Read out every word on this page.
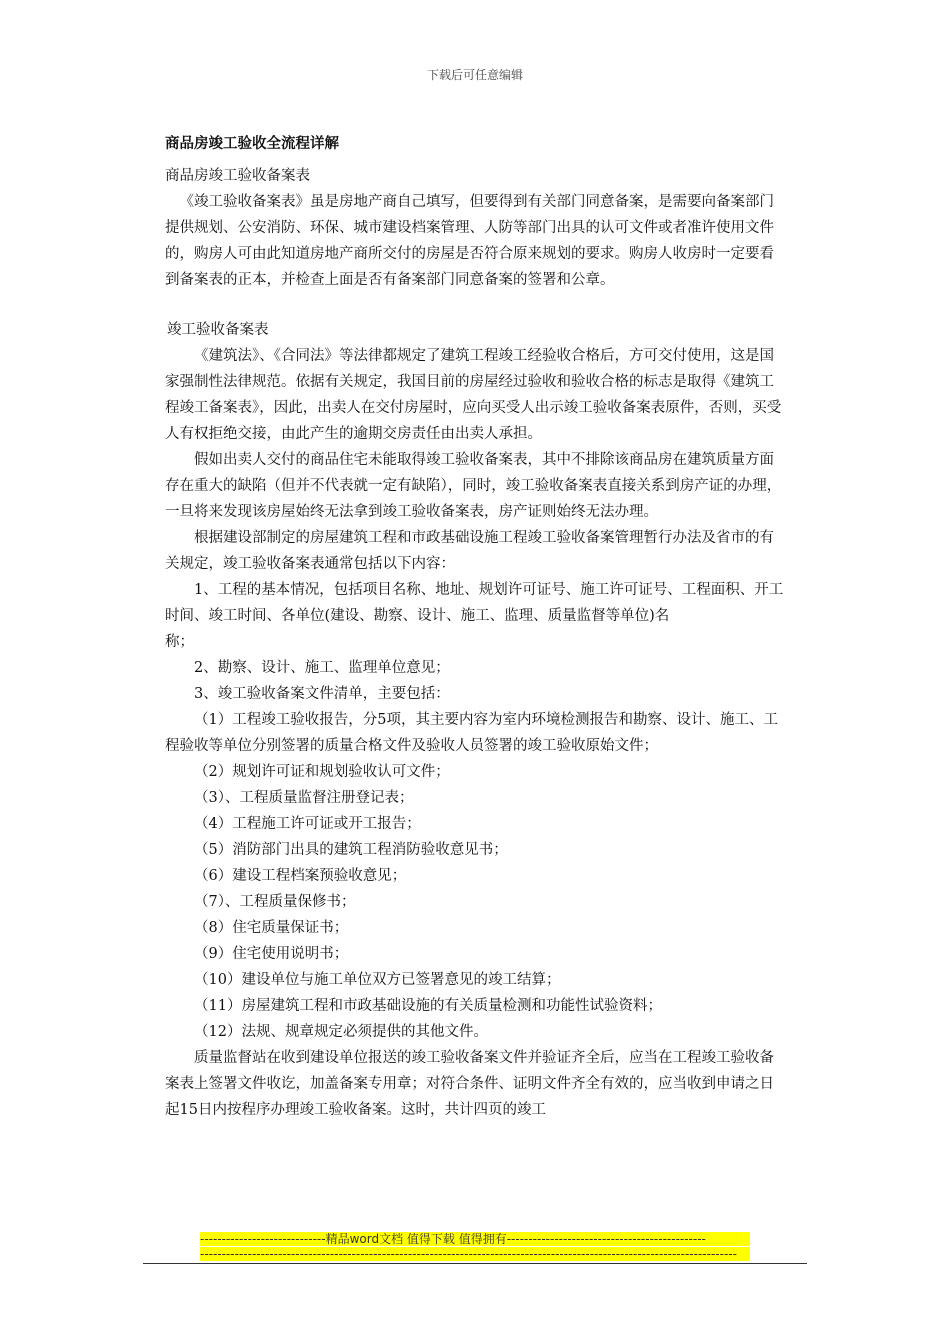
下载后可任意编辑

商品房竣工验收全流程详解

商品房竣工验收备案表

《竣工验收备案表》虽是房地产商自己填写，但要得到有关部门同意备案，是需要向备案部门提供规划、公安消防、环保、城市建设档案管理、人防等部门出具的认可文件或者准许使用文件的，购房人可由此知道房地产商所交付的房屋是否符合原来规划的要求。购房人收房时一定要看到备案表的正本，并检查上面是否有备案部门同意备案的签署和公章。

竣工验收备案表

《建筑法》、《合同法》等法律都规定了建筑工程竣工经验收合格后，方可交付使用，这是国家强制性法律规范。依据有关规定，我国目前的房屋经过验收和验收合格的标志是取得《建筑工程竣工备案表》，因此，出卖人在交付房屋时，应向买受人出示竣工验收备案表原件，否则，买受人有权拒绝交接，由此产生的逾期交房责任由出卖人承担。

假如出卖人交付的商品住宅未能取得竣工验收备案表，其中不排除该商品房在建筑质量方面存在重大的缺陷（但并不代表就一定有缺陷），同时，竣工验收备案表直接关系到房产证的办理，一旦将来发现该房屋始终无法拿到竣工验收备案表，房产证则始终无法办理。

根据建设部制定的房屋建筑工程和市政基础设施工程竣工验收备案管理暂行办法及省市的有关规定，竣工验收备案表通常包括以下内容：

1、工程的基本情况，包括项目名称、地址、规划许可证号、施工许可证号、工程面积、开工时间、竣工时间、各单位(建设、勘察、设计、施工、监理、质量监督等单位)名

称；

2、勘察、设计、施工、监理单位意见；

3、竣工验收备案文件清单，主要包括：

（1）工程竣工验收报告，分5项，其主要内容为室内环境检测报告和勘察、设计、施工、工程验收等单位分别签署的质量合格文件及验收人员签署的竣工验收原始文件；

（2）规划许可证和规划验收认可文件；

（3）、工程质量监督注册登记表；

（4）工程施工许可证或开工报告；

（5）消防部门出具的建筑工程消防验收意见书；

（6）建设工程档案预验收意见；

（7）、工程质量保修书；

（8）住宅质量保证书；

（9）住宅使用说明书；

（10）建设单位与施工单位双方已签署意见的竣工结算；

（11）房屋建筑工程和市政基础设施的有关质量检测和功能性试验资料；

（12）法规、规章规定必须提供的其他文件。

质量监督站在收到建设单位报送的竣工验收备案文件并验证齐全后，应当在工程竣工验收备案表上签署文件收讫，加盖备案专用章；对符合条件、证明文件齐全有效的，应当收到申请之日起15日内按程序办理竣工验收备案。这时，共计四页的竣工

-----------------------------精品word文档 值得下载 值得拥有----------------------------------------------
----------------------------------------------------------------------------------------------------------------------------
